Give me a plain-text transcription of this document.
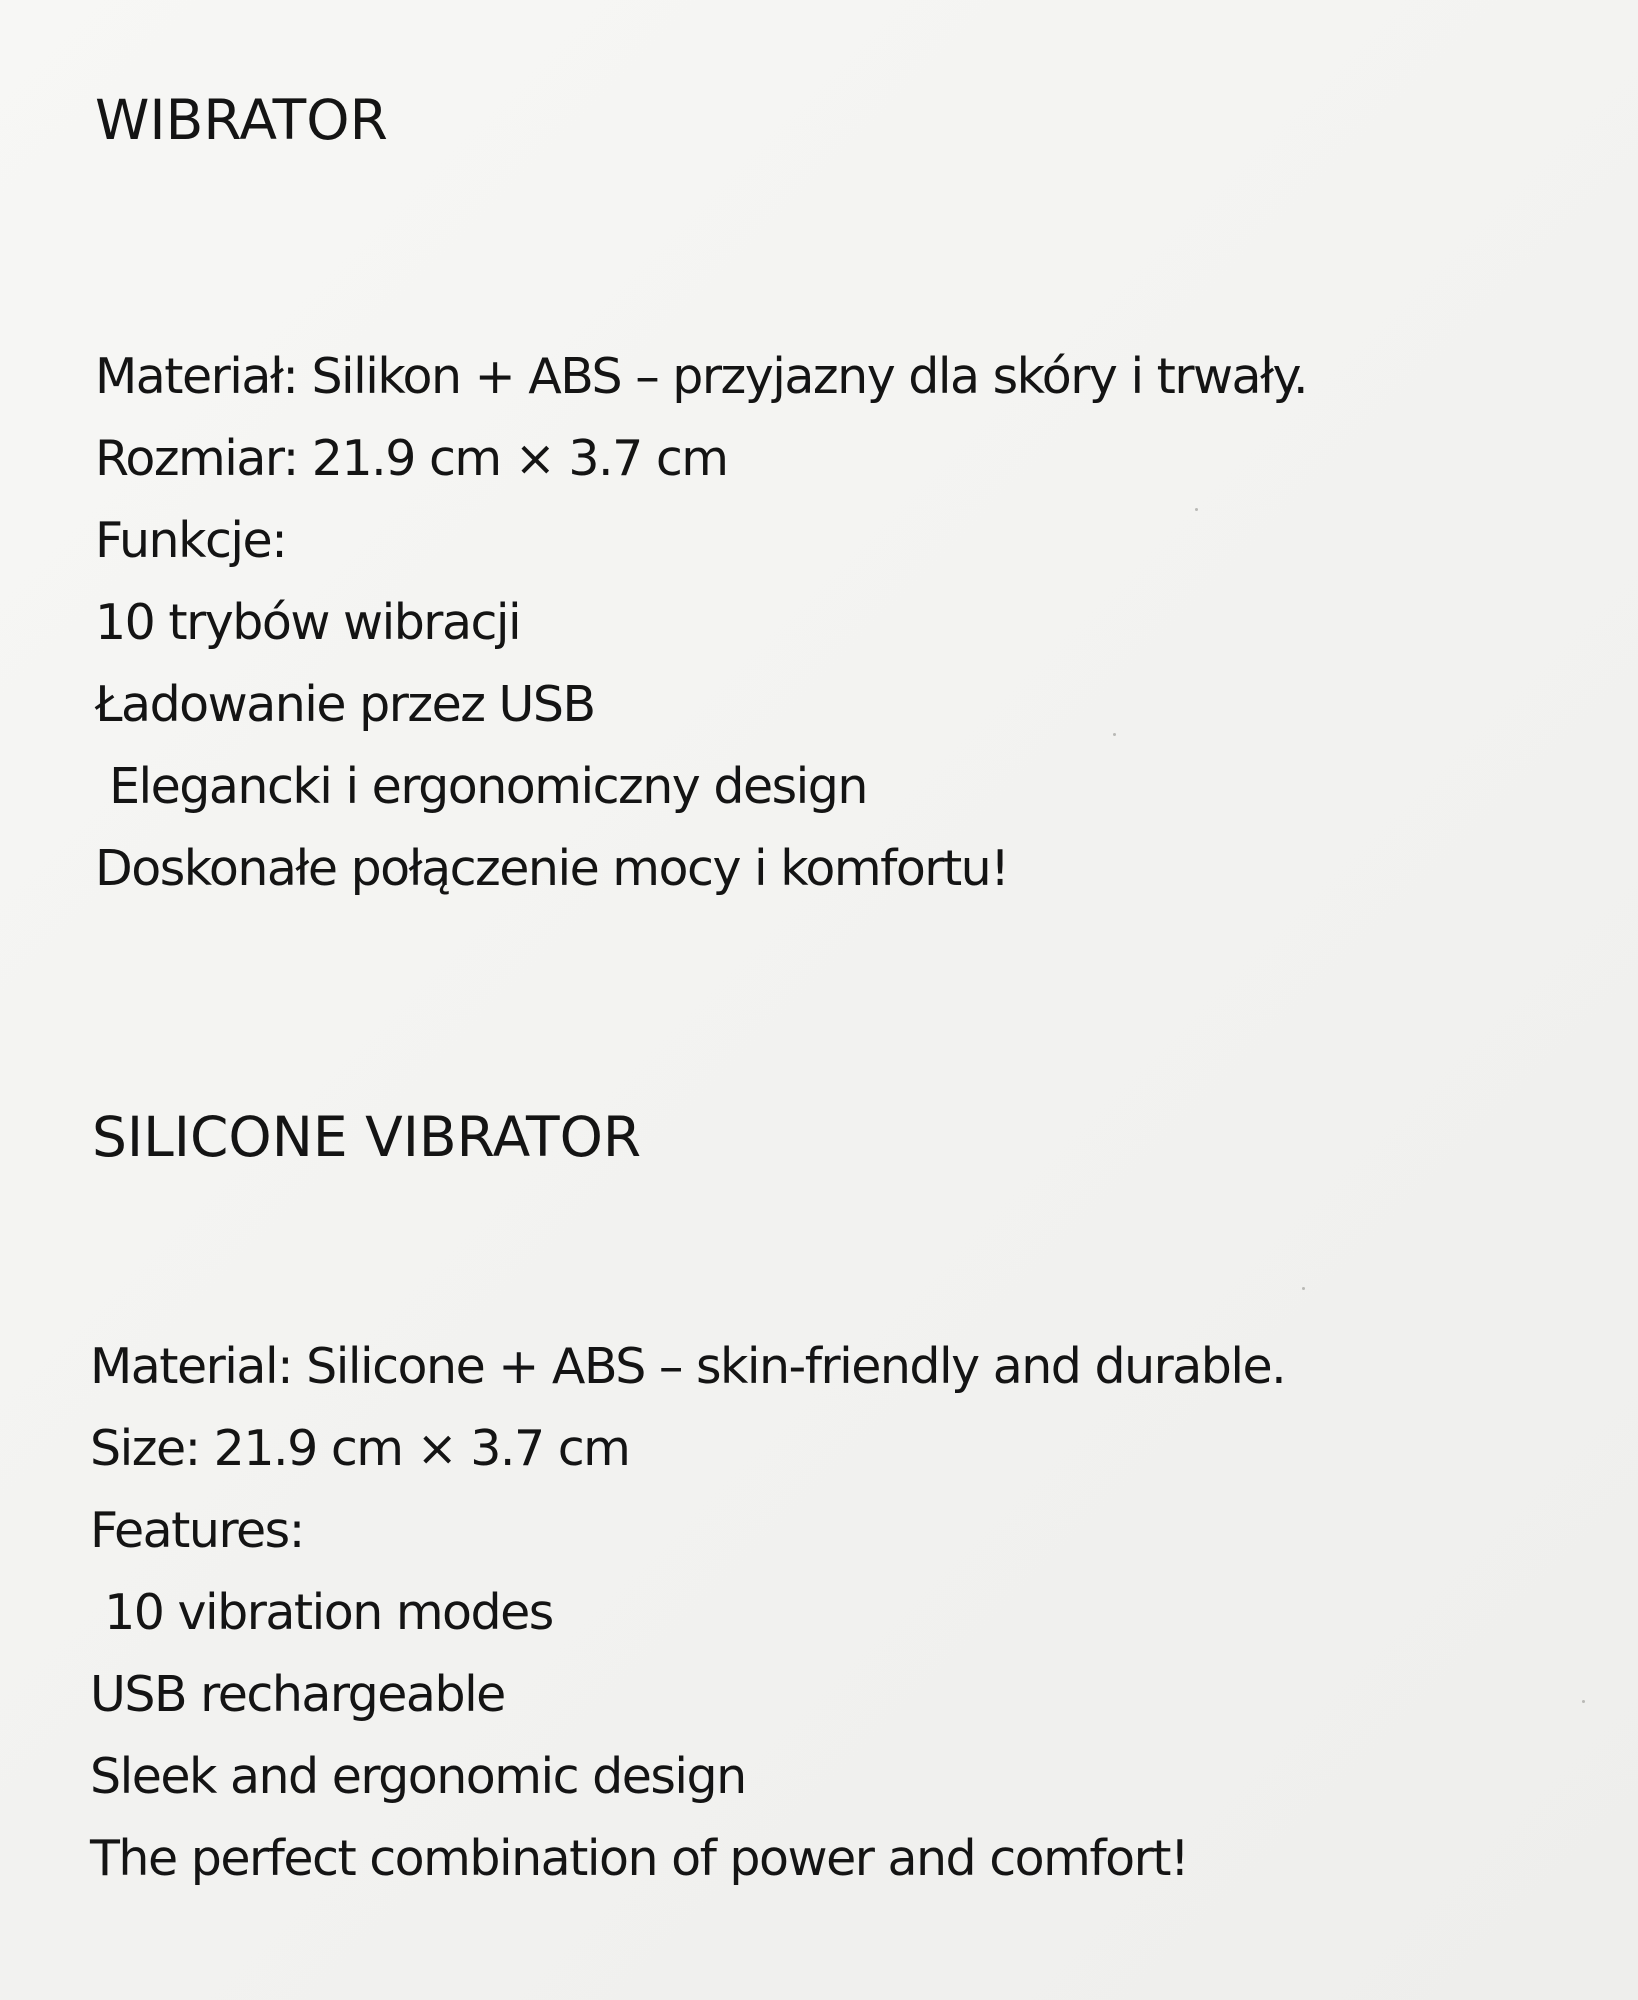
WIBRATOR
Materiał: Silikon + ABS – przyjazny dla skóry i trwały.
Rozmiar: 21.9 cm × 3.7 cm
Funkcje:
10 trybów wibracji
Ładowanie przez USB
Elegancki i ergonomiczny design
Doskonałe połączenie mocy i komfortu!
SILICONE VIBRATOR
Material: Silicone + ABS – skin-friendly and durable.
Size: 21.9 cm × 3.7 cm
Features:
10 vibration modes
USB rechargeable
Sleek and ergonomic design
The perfect combination of power and comfort!
